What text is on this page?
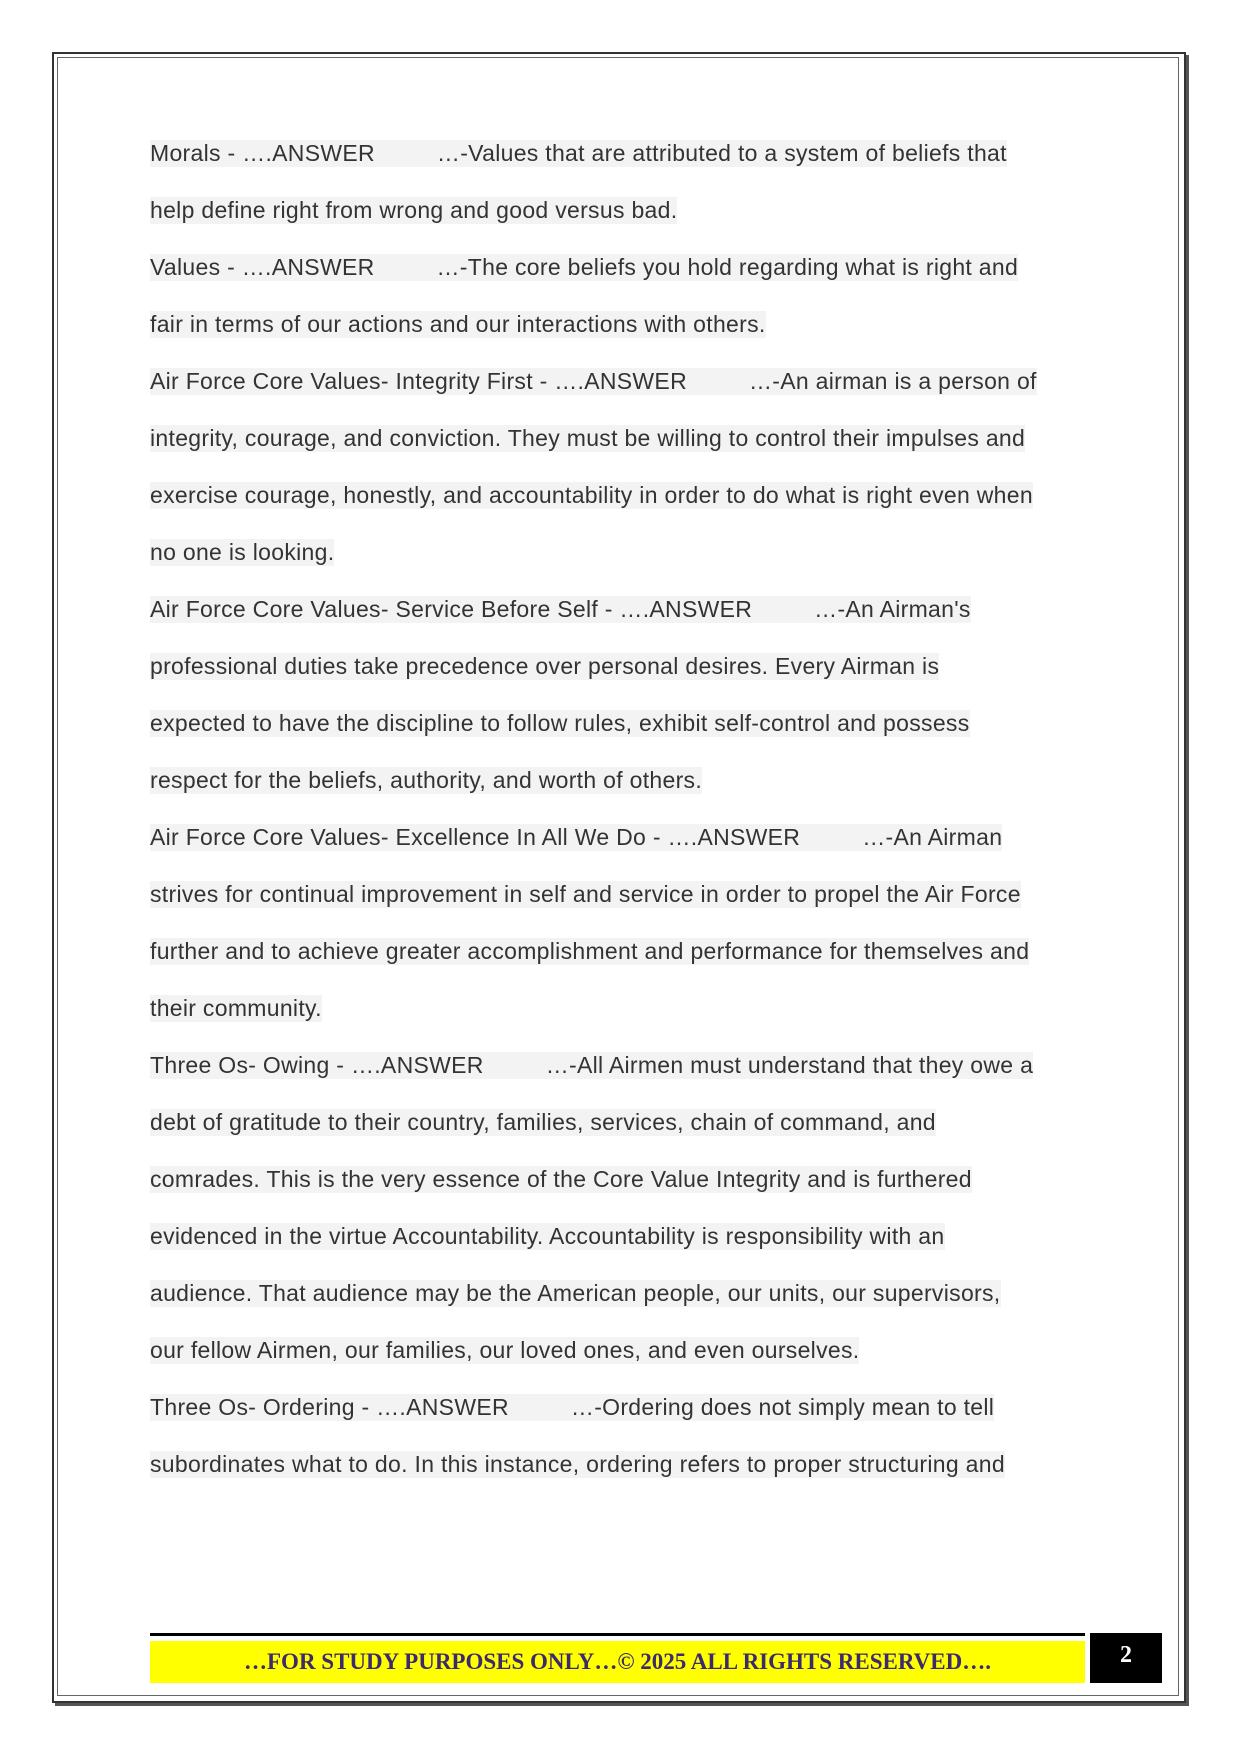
Morals - ….ANSWER	…-Values that are attributed to a system of beliefs that
help define right from wrong and good versus bad.
Values - ….ANSWER	…-The core beliefs you hold regarding what is right and
fair in terms of our actions and our interactions with others.
Air Force Core Values- Integrity First - ….ANSWER	…-An airman is a person of
integrity, courage, and conviction. They must be willing to control their impulses and
exercise courage, honestly, and accountability in order to do what is right even when
no one is looking.
Air Force Core Values- Service Before Self - ….ANSWER	…-An Airman's
professional duties take precedence over personal desires. Every Airman is
expected to have the discipline to follow rules, exhibit self-control and possess
respect for the beliefs, authority, and worth of others.
Air Force Core Values- Excellence In All We Do - ….ANSWER	…-An Airman
strives for continual improvement in self and service in order to propel the Air Force
further and to achieve greater accomplishment and performance for themselves and
their community.
Three Os- Owing - ….ANSWER	…-All Airmen must understand that they owe a
debt of gratitude to their country, families, services, chain of command, and
comrades. This is the very essence of the Core Value Integrity and is furthered
evidenced in the virtue Accountability. Accountability is responsibility with an
audience. That audience may be the American people, our units, our supervisors,
our fellow Airmen, our families, our loved ones, and even ourselves.
Three Os- Ordering - ….ANSWER	…-Ordering does not simply mean to tell
subordinates what to do. In this instance, ordering refers to proper structuring and
…FOR STUDY PURPOSES ONLY…© 2025 ALL RIGHTS RESERVED….	2
